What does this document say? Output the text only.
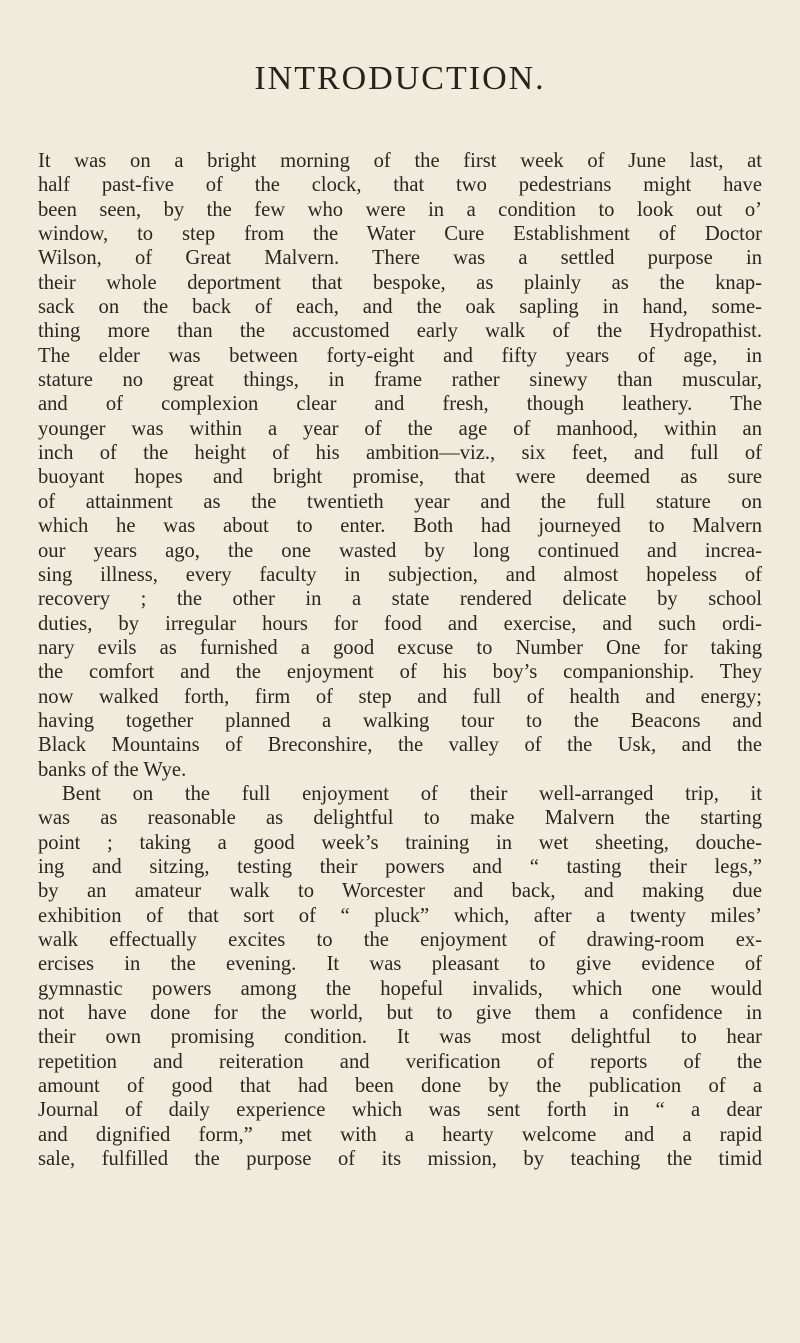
INTRODUCTION.
It was on a bright morning of the first week of June last, at
half past-five of the clock, that two pedestrians might have
been seen, by the few who were in a condition to look out o’
window, to step from the Water Cure Establishment of Doctor
Wilson, of Great Malvern. There was a settled purpose in
their whole deportment that bespoke, as plainly as the knap-
sack on the back of each, and the oak sapling in hand, some-
thing more than the accustomed early walk of the Hydropathist.
The elder was between forty-eight and fifty years of age, in
stature no great things, in frame rather sinewy than muscular,
and of complexion clear and fresh, though leathery. The
younger was within a year of the age of manhood, within an
inch of the height of his ambition—viz., six feet, and full of
buoyant hopes and bright promise, that were deemed as sure
of attainment as the twentieth year and the full stature on
which he was about to enter. Both had journeyed to Malvern
our years ago, the one wasted by long continued and increa-
sing illness, every faculty in subjection, and almost hopeless of
recovery ; the other in a state rendered delicate by school
duties, by irregular hours for food and exercise, and such ordi-
nary evils as furnished a good excuse to Number One for taking
the comfort and the enjoyment of his boy’s companionship. They
now walked forth, firm of step and full of health and energy;
having together planned a walking tour to the Beacons and
Black Mountains of Breconshire, the valley of the Usk, and the
banks of the Wye.
Bent on the full enjoyment of their well-arranged trip, it
was as reasonable as delightful to make Malvern the starting
point ; taking a good week’s training in wet sheeting, douche-
ing and sitzing, testing their powers and “ tasting their legs,”
by an amateur walk to Worcester and back, and making due
exhibition of that sort of “ pluck” which, after a twenty miles’
walk effectually excites to the enjoyment of drawing-room ex-
ercises in the evening. It was pleasant to give evidence of
gymnastic powers among the hopeful invalids, which one would
not have done for the world, but to give them a confidence in
their own promising condition. It was most delightful to hear
repetition and reiteration and verification of reports of the
amount of good that had been done by the publication of a
Journal of daily experience which was sent forth in “ a dear
and dignified form,” met with a hearty welcome and a rapid
sale, fulfilled the purpose of its mission, by teaching the timid
